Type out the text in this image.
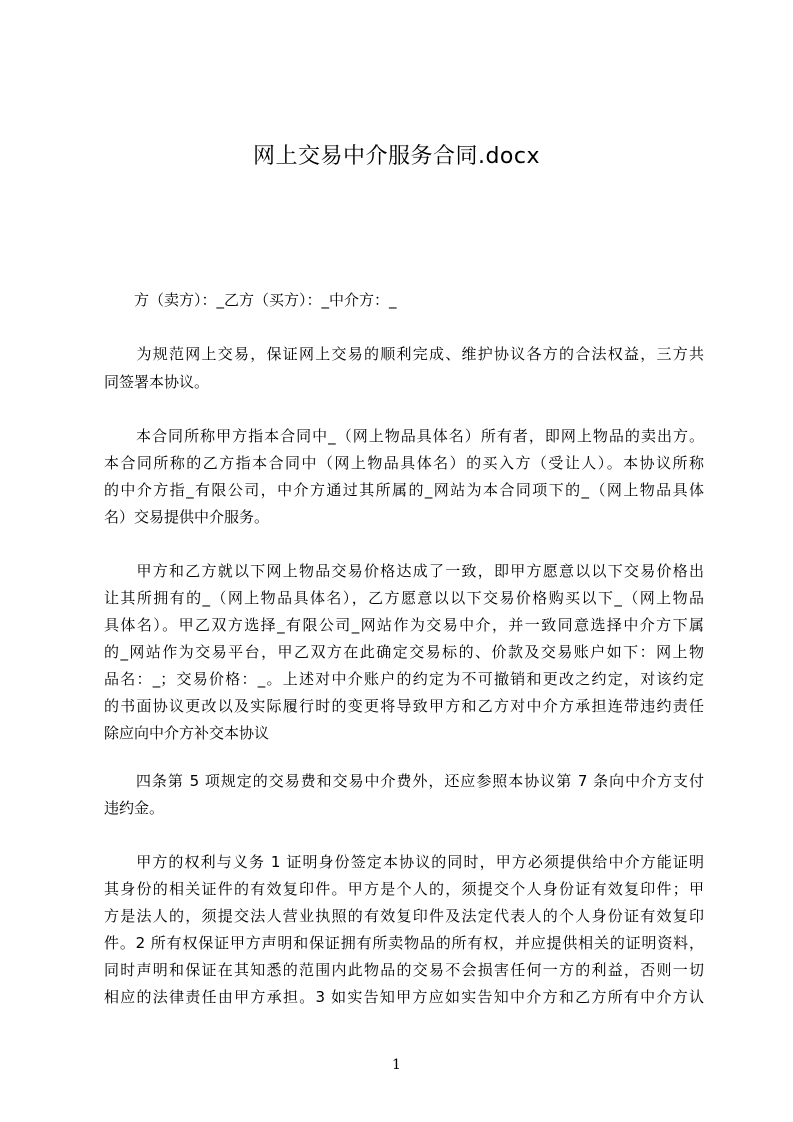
网上交易中介服务合同.docx
　　方（卖方）：_乙方（买方）：_中介方：_
　　为规范网上交易，保证网上交易的顺利完成、维护协议各方的合法权益，三方共
同签署本协议。
　　本合同所称甲方指本合同中_（网上物品具体名）所有者，即网上物品的卖出方。
本合同所称的乙方指本合同中（网上物品具体名）的买入方（受让人）。本协议所称
的中介方指_有限公司，中介方通过其所属的_网站为本合同项下的_（网上物品具体
名）交易提供中介服务。
　　甲方和乙方就以下网上物品交易价格达成了一致，即甲方愿意以以下交易价格出
让其所拥有的_（网上物品具体名），乙方愿意以以下交易价格购买以下_（网上物品
具体名）。甲乙双方选择_有限公司_网站作为交易中介，并一致同意选择中介方下属
的_网站作为交易平台，甲乙双方在此确定交易标的、价款及交易账户如下：网上物
品名：_；交易价格：_。上述对中介账户的约定为不可撤销和更改之约定，对该约定
的书面协议更改以及实际履行时的变更将导致甲方和乙方对中介方承担连带违约责任
除应向中介方补交本协议
　　四条第 5 项规定的交易费和交易中介费外，还应参照本协议第 7 条向中介方支付
违约金。
　　甲方的权利与义务 1 证明身份签定本协议的同时，甲方必须提供给中介方能证明
其身份的相关证件的有效复印件。甲方是个人的，须提交个人身份证有效复印件；甲
方是法人的，须提交法人营业执照的有效复印件及法定代表人的个人身份证有效复印
件。2 所有权保证甲方声明和保证拥有所卖物品的所有权，并应提供相关的证明资料，
同时声明和保证在其知悉的范围内此物品的交易不会损害任何一方的利益，否则一切
相应的法律责任由甲方承担。3 如实告知甲方应如实告知中介方和乙方所有中介方认
1
